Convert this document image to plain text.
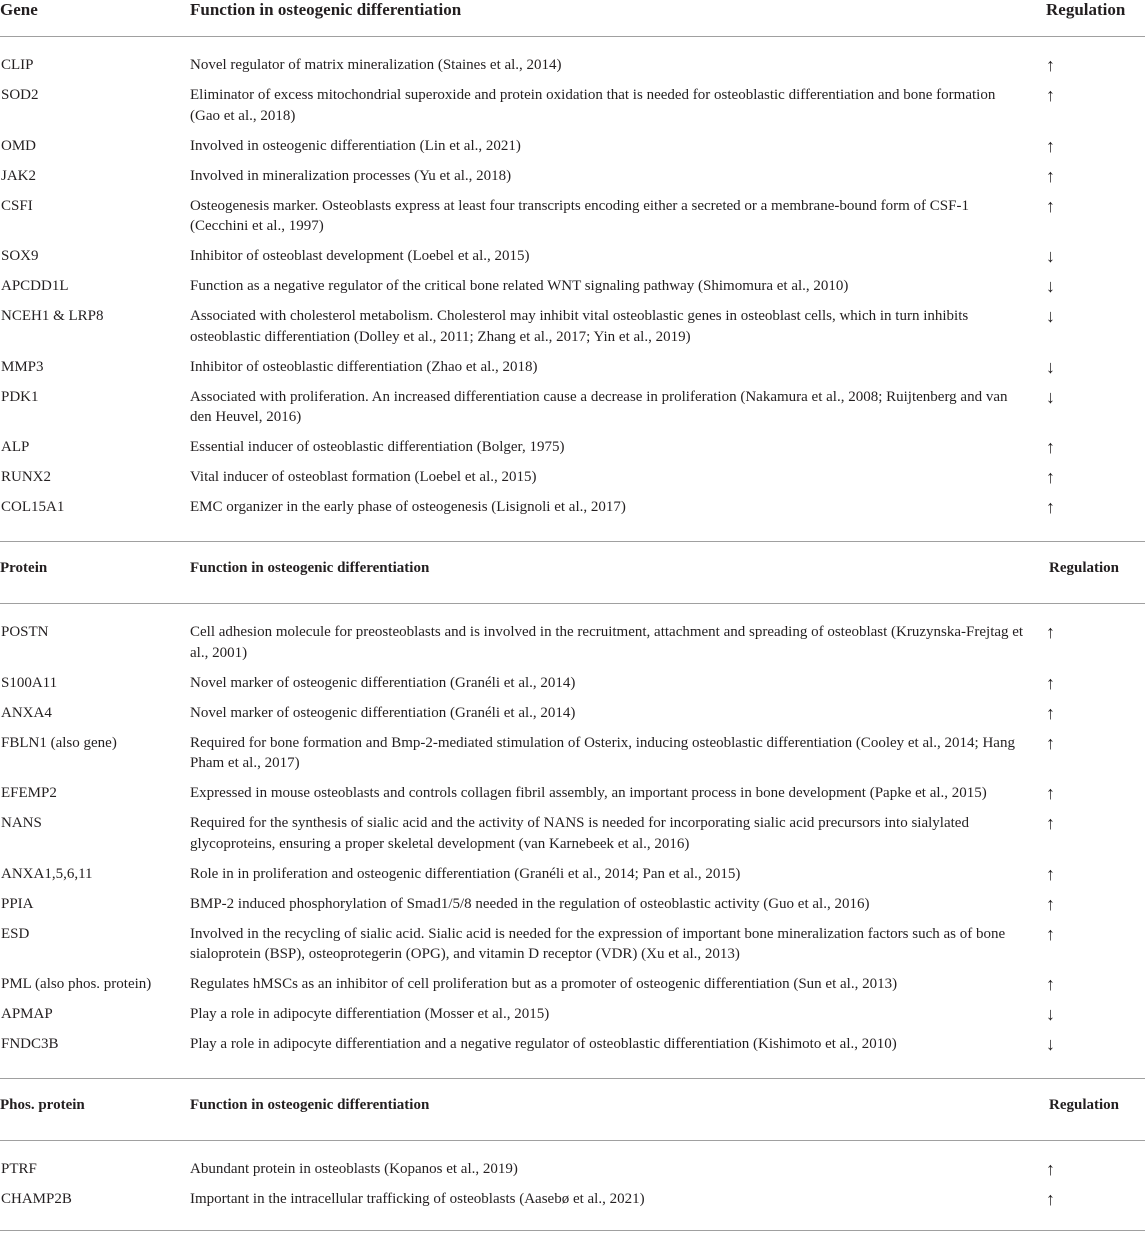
Gene	Function in osteogenic differentiation	Regulation
CLIP	Novel regulator of matrix mineralization (Staines et al., 2014)	↑
SOD2	Eliminator of excess mitochondrial superoxide and protein oxidation that is needed for osteoblastic differentiation and bone formation (Gao et al., 2018)	↑
OMD	Involved in osteogenic differentiation (Lin et al., 2021)	↑
JAK2	Involved in mineralization processes (Yu et al., 2018)	↑
CSFI	Osteogenesis marker. Osteoblasts express at least four transcripts encoding either a secreted or a membrane-bound form of CSF-1 (Cecchini et al., 1997)	↑
SOX9	Inhibitor of osteoblast development (Loebel et al., 2015)	↓
APCDD1L	Function as a negative regulator of the critical bone related WNT signaling pathway (Shimomura et al., 2010)	↓
NCEH1 & LRP8	Associated with cholesterol metabolism. Cholesterol may inhibit vital osteoblastic genes in osteoblast cells, which in turn inhibits osteoblastic differentiation (Dolley et al., 2011; Zhang et al., 2017; Yin et al., 2019)	↓
MMP3	Inhibitor of osteoblastic differentiation (Zhao et al., 2018)	↓
PDK1	Associated with proliferation. An increased differentiation cause a decrease in proliferation (Nakamura et al., 2008; Ruijtenberg and van den Heuvel, 2016)	↓
ALP	Essential inducer of osteoblastic differentiation (Bolger, 1975)	↑
RUNX2	Vital inducer of osteoblast formation (Loebel et al., 2015)	↑
COL15A1	EMC organizer in the early phase of osteogenesis (Lisignoli et al., 2017)	↑

Protein	Function in osteogenic differentiation	Regulation
POSTN	Cell adhesion molecule for preosteoblasts and is involved in the recruitment, attachment and spreading of osteoblast (Kruzynska-Frejtag et al., 2001)	↑
S100A11	Novel marker of osteogenic differentiation (Granéli et al., 2014)	↑
ANXA4	Novel marker of osteogenic differentiation (Granéli et al., 2014)	↑
FBLN1 (also gene)	Required for bone formation and Bmp-2-mediated stimulation of Osterix, inducing osteoblastic differentiation (Cooley et al., 2014; Hang Pham et al., 2017)	↑
EFEMP2	Expressed in mouse osteoblasts and controls collagen fibril assembly, an important process in bone development (Papke et al., 2015)	↑
NANS	Required for the synthesis of sialic acid and the activity of NANS is needed for incorporating sialic acid precursors into sialylated glycoproteins, ensuring a proper skeletal development (van Karnebeek et al., 2016)	↑
ANXA1,5,6,11	Role in in proliferation and osteogenic differentiation (Granéli et al., 2014; Pan et al., 2015)	↑
PPIA	BMP-2 induced phosphorylation of Smad1/5/8 needed in the regulation of osteoblastic activity (Guo et al., 2016)	↑
ESD	Involved in the recycling of sialic acid. Sialic acid is needed for the expression of important bone mineralization factors such as of bone sialoprotein (BSP), osteoprotegerin (OPG), and vitamin D receptor (VDR) (Xu et al., 2013)	↑
PML (also phos. protein)	Regulates hMSCs as an inhibitor of cell proliferation but as a promoter of osteogenic differentiation (Sun et al., 2013)	↑
APMAP	Play a role in adipocyte differentiation (Mosser et al., 2015)	↓
FNDC3B	Play a role in adipocyte differentiation and a negative regulator of osteoblastic differentiation (Kishimoto et al., 2010)	↓

Phos. protein	Function in osteogenic differentiation	Regulation
PTRF	Abundant protein in osteoblasts (Kopanos et al., 2019)	↑
CHAMP2B	Important in the intracellular trafficking of osteoblasts (Aasebø et al., 2021)	↑
